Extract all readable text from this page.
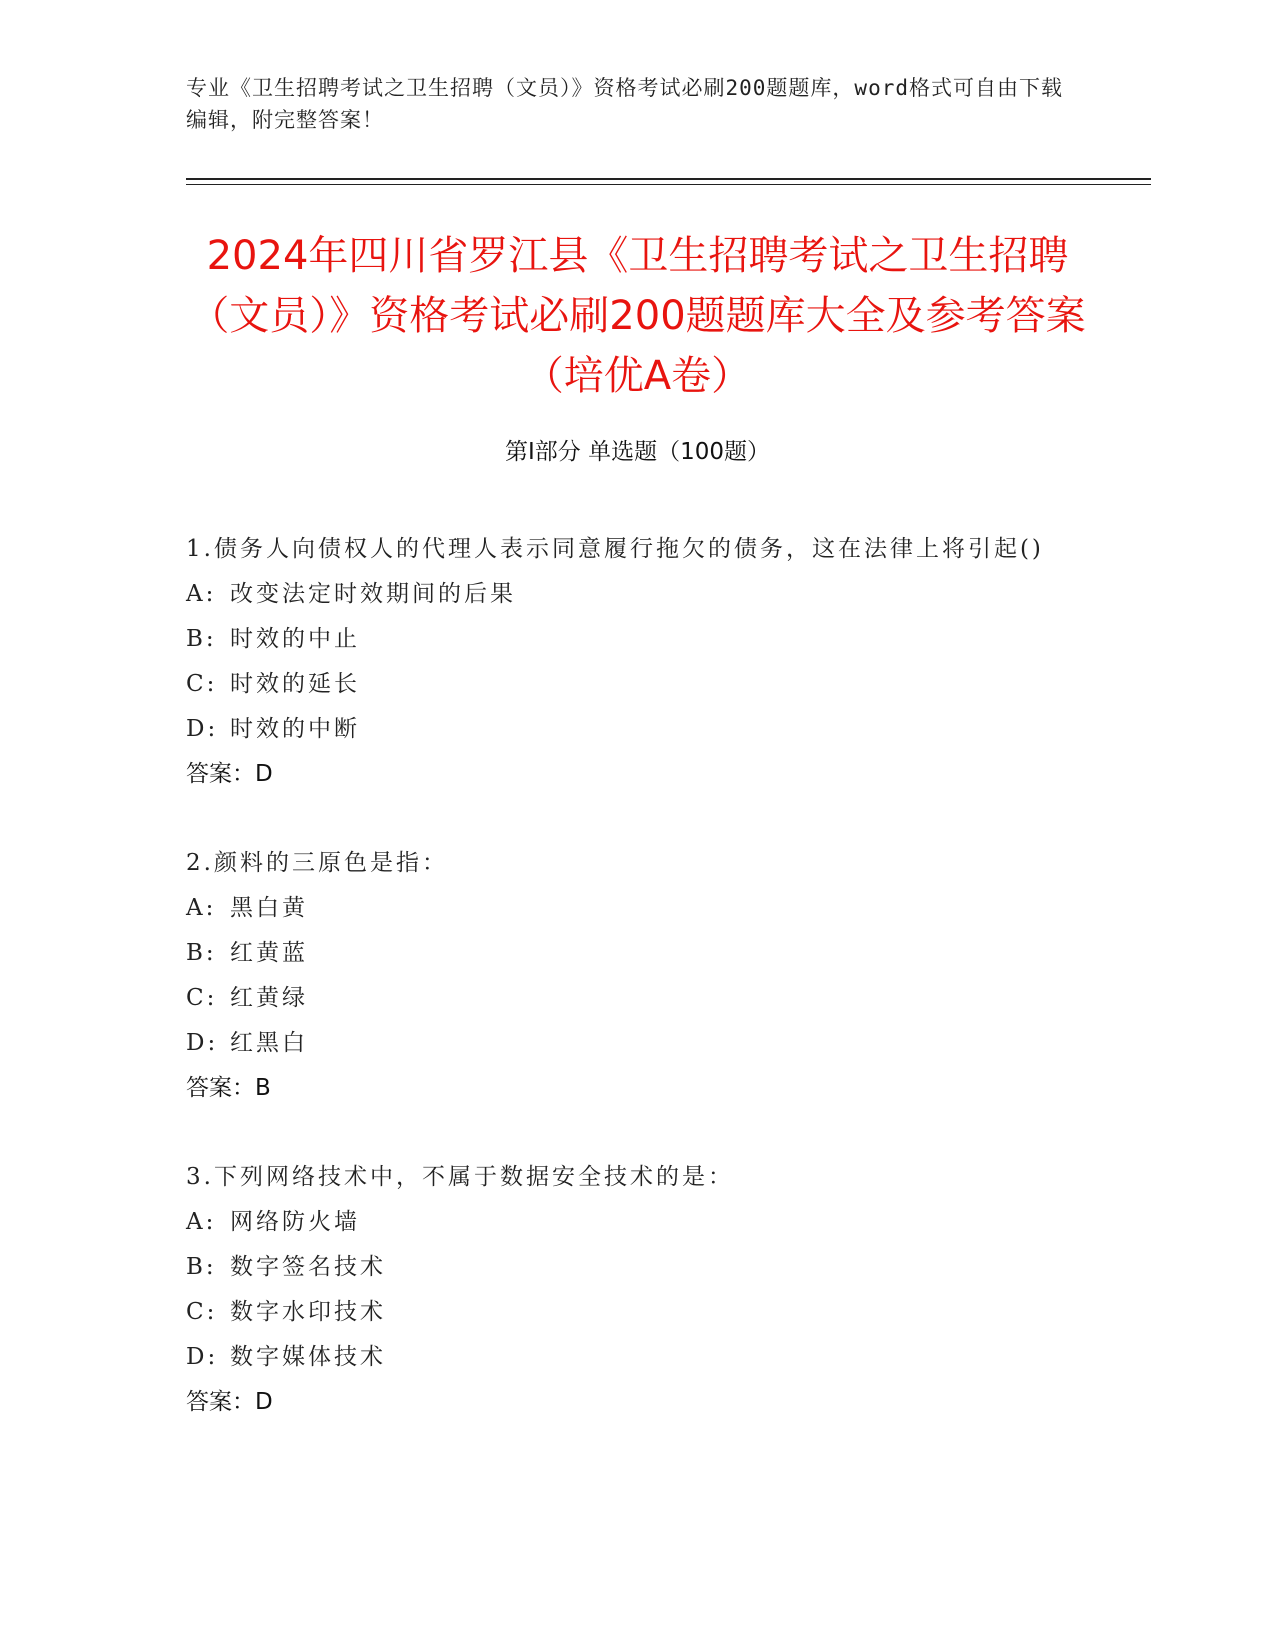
专业《卫生招聘考试之卫生招聘（文员）》资格考试必刷200题题库，word格式可自由下载编辑，附完整答案！
2024年四川省罗江县《卫生招聘考试之卫生招聘（文员）》资格考试必刷200题题库大全及参考答案（培优A卷）
第Ⅰ部分 单选题（100题）
1.债务人向债权人的代理人表示同意履行拖欠的债务，这在法律上将引起()
A: 改变法定时效期间的后果
B: 时效的中止
C: 时效的延长
D: 时效的中断
答案：D
2.颜料的三原色是指：
A: 黑白黄
B: 红黄蓝
C: 红黄绿
D: 红黑白
答案：B
3.下列网络技术中，不属于数据安全技术的是：
A: 网络防火墙
B: 数字签名技术
C: 数字水印技术
D: 数字媒体技术
答案：D
